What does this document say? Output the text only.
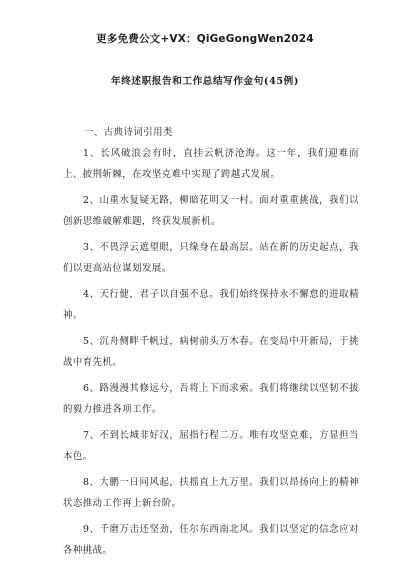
更多免费公文+VX：QiGeGongWen2024
年终述职报告和工作总结写作金句(45例)
一、古典诗词引用类

1、长风破浪会有时，直挂云帆济沧海。这一年，我们迎难而上、披荆斩棘，在攻坚克难中实现了跨越式发展。

2、山重水复疑无路，柳暗花明又一村。面对重重挑战，我们以创新思维破解难题，终获发展新机。

3、不畏浮云遮望眼，只缘身在最高层。站在新的历史起点，我们以更高站位谋划发展。

4、天行健，君子以自强不息。我们始终保持永不懈怠的进取精神。

5、沉舟侧畔千帆过，病树前头万木春。在变局中开新局，于挑战中育先机。

6、路漫漫其修远兮，吾将上下而求索。我们将继续以坚韧不拔的毅力推进各项工作。

7、不到长城非好汉，屈指行程二万。唯有攻坚克难，方显担当本色。

8、大鹏一日同风起，扶摇直上九万里。我们以昂扬向上的精神状态推动工作再上新台阶。

9、千磨万击还坚劲，任尔东西南北风。我们以坚定的信念应对各种挑战。
